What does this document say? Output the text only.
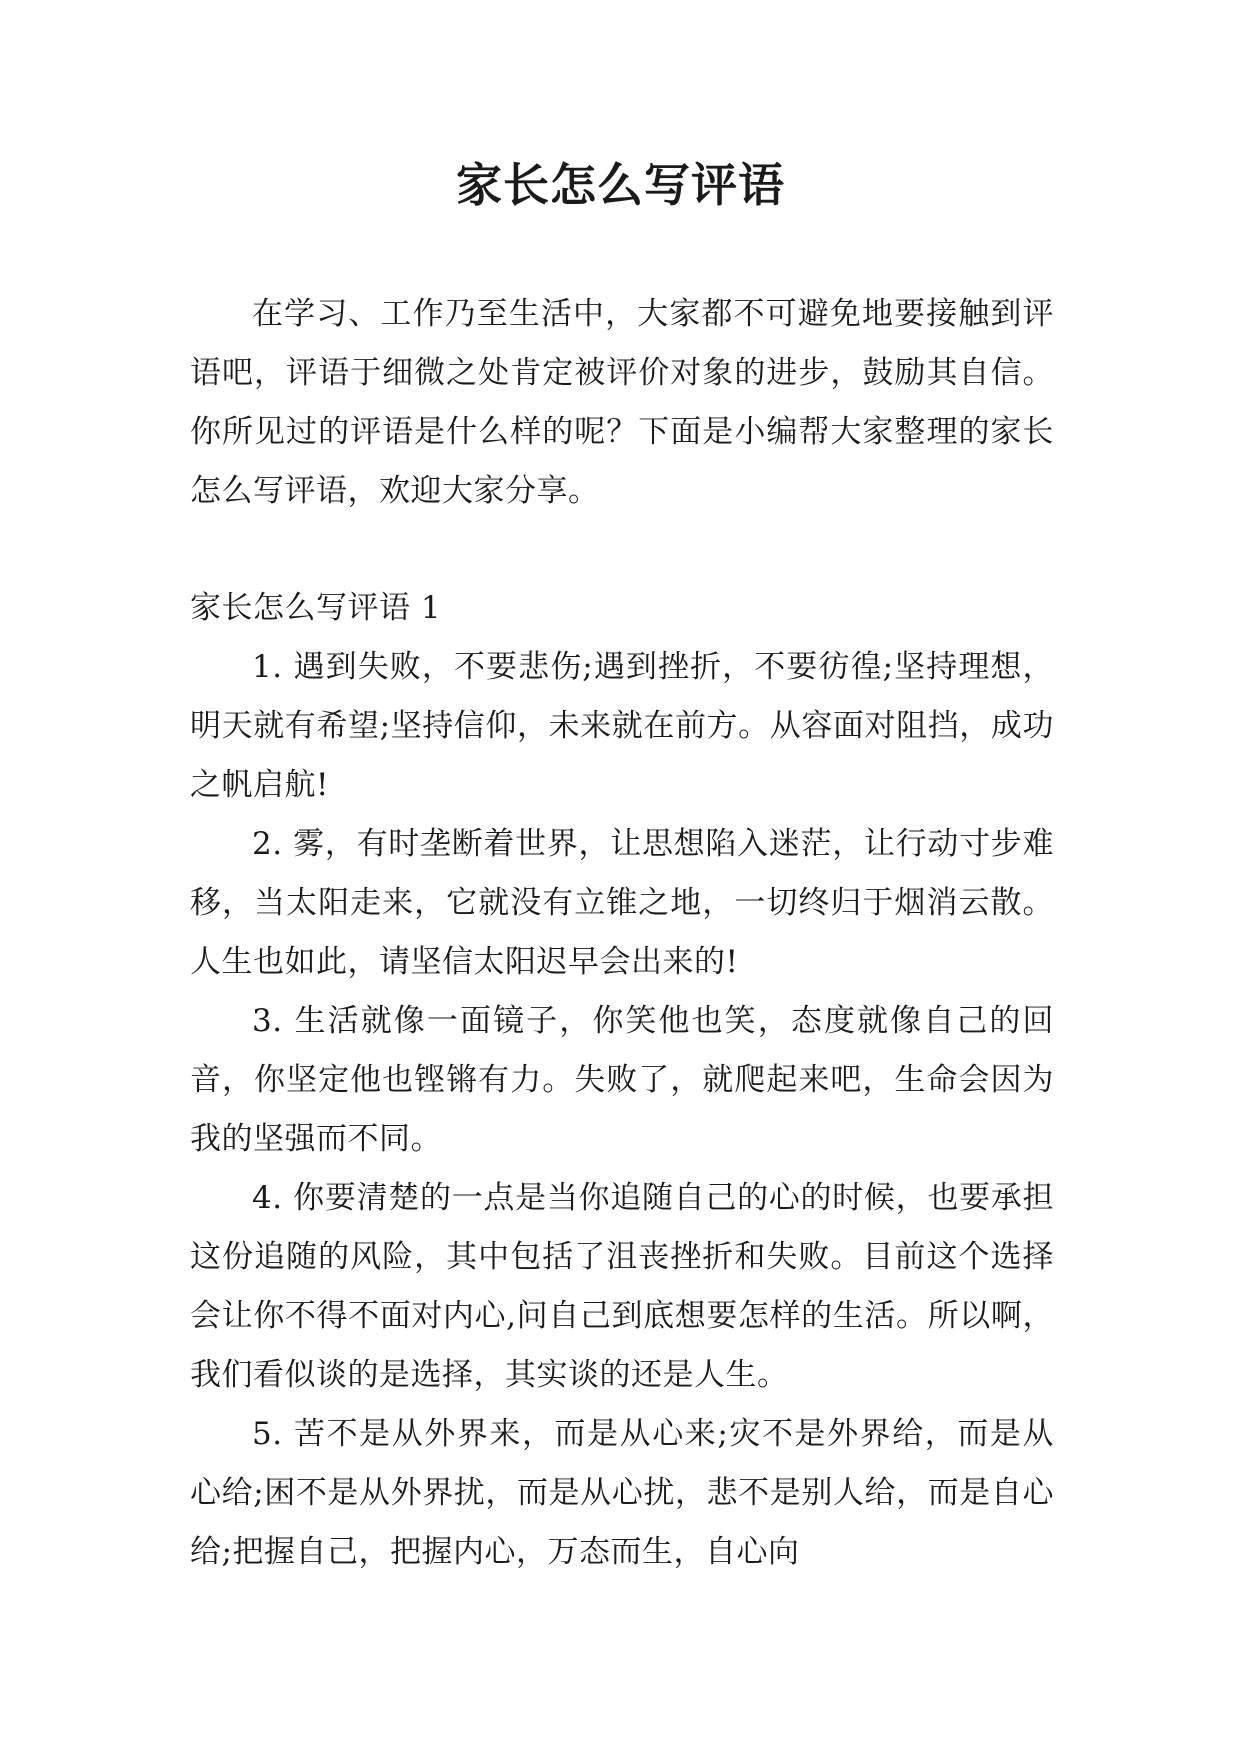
家长怎么写评语

在学习、工作乃至生活中，大家都不可避免地要接触到评语吧，评语于细微之处肯定被评价对象的进步，鼓励其自信。你所见过的评语是什么样的呢？下面是小编帮大家整理的家长怎么写评语，欢迎大家分享。

家长怎么写评语 1

1. 遇到失败，不要悲伤;遇到挫折，不要彷徨;坚持理想，明天就有希望;坚持信仰，未来就在前方。从容面对阻挡，成功之帆启航!

2. 雾，有时垄断着世界，让思想陷入迷茫，让行动寸步难移，当太阳走来，它就没有立锥之地，一切终归于烟消云散。人生也如此，请坚信太阳迟早会出来的!

3. 生活就像一面镜子，你笑他也笑，态度就像自己的回音，你坚定他也铿锵有力。失败了，就爬起来吧，生命会因为我的坚强而不同。

4. 你要清楚的一点是当你追随自己的心的时候，也要承担这份追随的风险，其中包括了沮丧挫折和失败。目前这个选择会让你不得不面对内心,问自己到底想要怎样的生活。所以啊，我们看似谈的是选择，其实谈的还是人生。

5. 苦不是从外界来，而是从心来;灾不是外界给，而是从心给;困不是从外界扰，而是从心扰，悲不是别人给，而是自心给;把握自己，把握内心，万态而生，自心向
